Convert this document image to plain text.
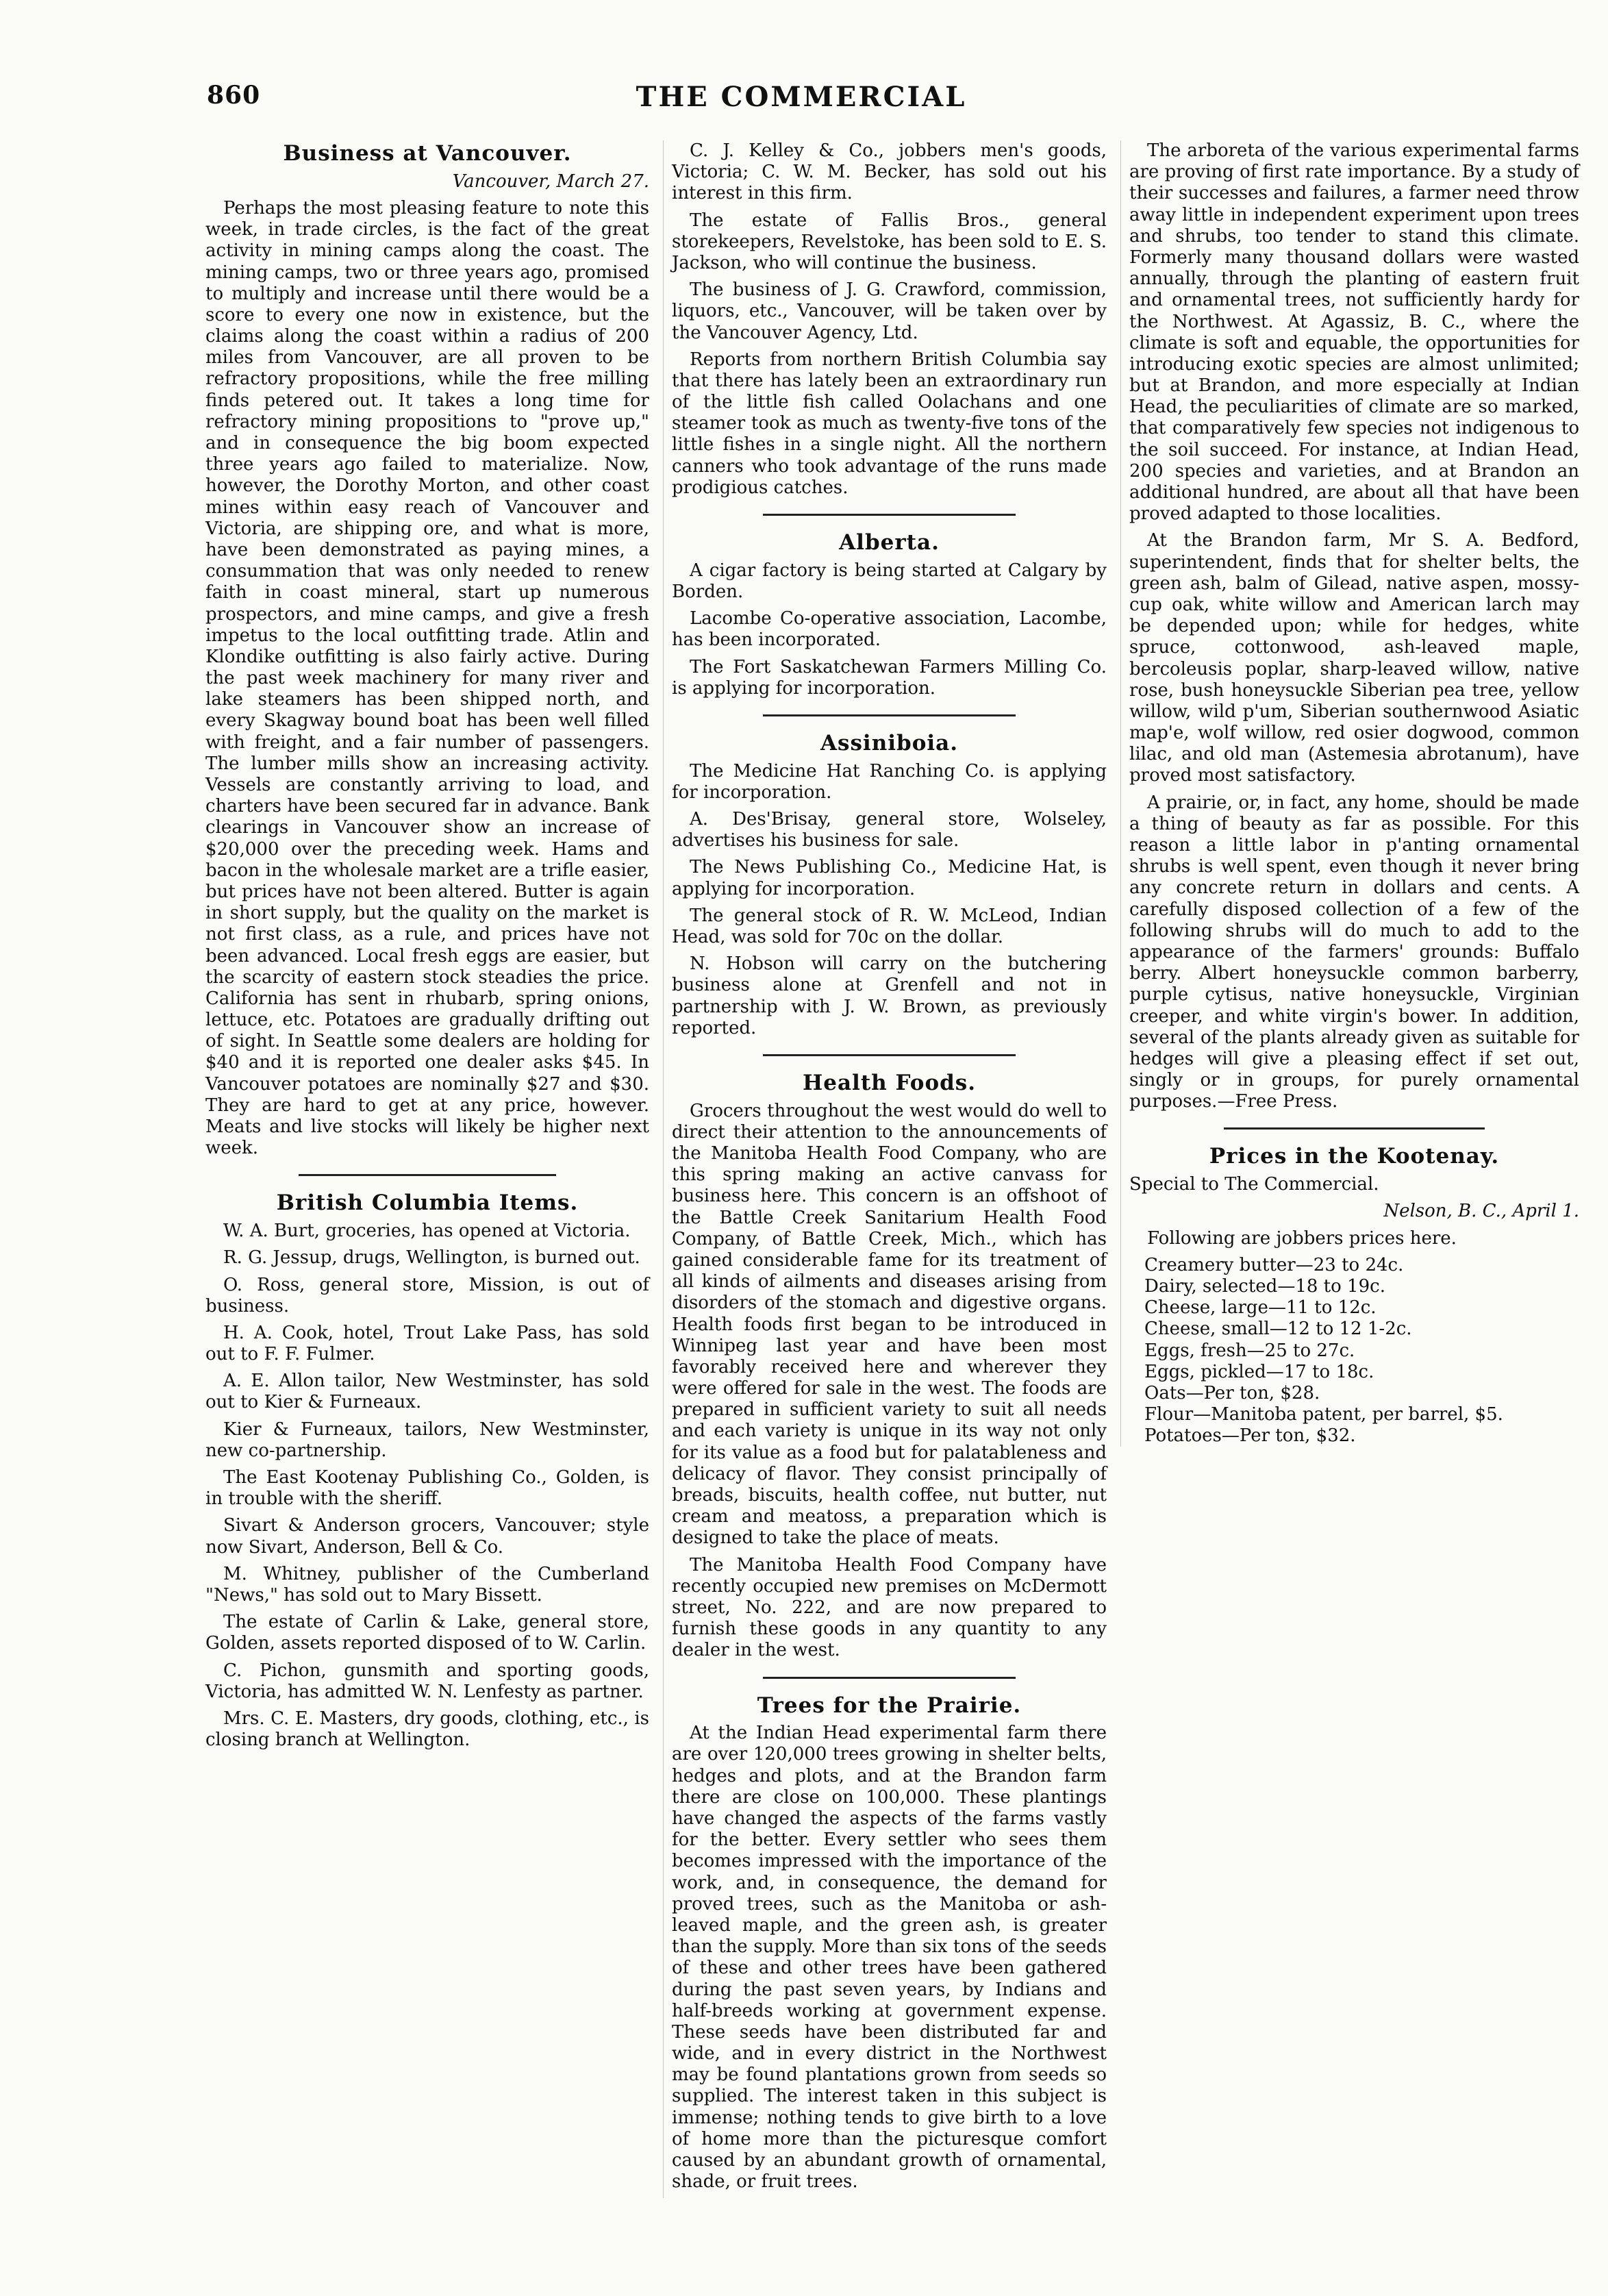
860	THE COMMERCIAL
Business at Vancouver.

Vancouver, March 27.

Perhaps the most pleasing feature to note this week, in trade circles, is the fact of the great activity in mining camps along the coast. The mining camps, two or three years ago, promised to multiply and increase until there would be a score to every one now in existence, but the claims along the coast within a radius of 200 miles from Vancouver, are all proven to be refractory propositions, while the free milling finds petered out. It takes a long time for refractory mining propositions to "prove up," and in consequence the big boom expected three years ago failed to materialize. Now, however, the Dorothy Morton, and other coast mines within easy reach of Vancouver and Victoria, are shipping ore, and what is more, have been demonstrated as paying mines, a consummation that was only needed to renew faith in coast mineral, start up numerous prospectors, and mine camps, and give a fresh impetus to the local outfitting trade. Atlin and Klondike outfitting is also fairly active. During the past week machinery for many river and lake steamers has been shipped north, and every Skagway bound boat has been well filled with freight, and a fair number of passengers. The lumber mills show an increasing activity. Vessels are constantly arriving to load, and charters have been secured far in advance. Bank clearings in Vancouver show an increase of $20,000 over the preceding week. Hams and bacon in the wholesale market are a trifle easier, but prices have not been altered. Butter is again in short supply, but the quality on the market is not first class, as a rule, and prices have not been advanced. Local fresh eggs are easier, but the scarcity of eastern stock steadies the price. California has sent in rhubarb, spring onions, lettuce, etc. Potatoes are gradually drifting out of sight. In Seattle some dealers are holding for $40 and it is reported one dealer asks $45. In Vancouver potatoes are nominally $27 and $30. They are hard to get at any price, however. Meats and live stocks will likely be higher next week.

British Columbia Items.

W. A. Burt, groceries, has opened at Victoria.

R. G. Jessup, drugs, Wellington, is burned out.

O. Ross, general store, Mission, is out of business.

H. A. Cook, hotel, Trout Lake Pass, has sold out to F. F. Fulmer.

A. E. Allon tailor, New Westminster, has sold out to Kier & Furneaux.

Kier & Furneaux, tailors, New Westminster, new co-partnership.

The East Kootenay Publishing Co., Golden, is in trouble with the sheriff.

Sivart & Anderson grocers, Vancouver; style now Sivart, Anderson, Bell & Co.

M. Whitney, publisher of the Cumberland "News," has sold out to Mary Bissett.

The estate of Carlin & Lake, general store, Golden, assets reported disposed of to W. Carlin.

C. Pichon, gunsmith and sporting goods, Victoria, has admitted W. N. Lenfesty as partner.

Mrs. C. E. Masters, dry goods, clothing, etc., is closing branch at Wellington.

C. J. Kelley & Co., jobbers men's goods, Victoria; C. W. M. Becker, has sold out his interest in this firm.

The estate of Fallis Bros., general storekeepers, Revelstoke, has been sold to E. S. Jackson, who will continue the business.

The business of J. G. Crawford, commission, liquors, etc., Vancouver, will be taken over by the Vancouver Agency, Ltd.

Reports from northern British Columbia say that there has lately been an extraordinary run of the little fish called Oolachans and one steamer took as much as twenty-five tons of the little fishes in a single night. All the northern canners who took advantage of the runs made prodigious catches.

Alberta.

A cigar factory is being started at Calgary by Borden.

Lacombe Co-operative association, Lacombe, has been incorporated.

The Fort Saskatchewan Farmers Milling Co. is applying for incorporation.

Assiniboia.

The Medicine Hat Ranching Co. is applying for incorporation.

A. Des'Brisay, general store, Wolseley, advertises his business for sale.

The News Publishing Co., Medicine Hat, is applying for incorporation.

The general stock of R. W. McLeod, Indian Head, was sold for 70c on the dollar.

N. Hobson will carry on the butchering business alone at Grenfell and not in partnership with J. W. Brown, as previously reported.

Health Foods.

Grocers throughout the west would do well to direct their attention to the announcements of the Manitoba Health Food Company, who are this spring making an active canvass for business here. This concern is an offshoot of the Battle Creek Sanitarium Health Food Company, of Battle Creek, Mich., which has gained considerable fame for its treatment of all kinds of ailments and diseases arising from disorders of the stomach and digestive organs. Health foods first began to be introduced in Winnipeg last year and have been most favorably received here and wherever they were offered for sale in the west. The foods are prepared in sufficient variety to suit all needs and each variety is unique in its way not only for its value as a food but for palatableness and delicacy of flavor. They consist principally of breads, biscuits, health coffee, nut butter, nut cream and meatoss, a preparation which is designed to take the place of meats.

The Manitoba Health Food Company have recently occupied new premises on McDermott street, No. 222, and are now prepared to furnish these goods in any quantity to any dealer in the west.

Trees for the Prairie.

At the Indian Head experimental farm there are over 120,000 trees growing in shelter belts, hedges and plots, and at the Brandon farm there are close on 100,000. These plantings have changed the aspects of the farms vastly for the better. Every settler who sees them becomes impressed with the importance of the work, and, in consequence, the demand for proved trees, such as the Manitoba or ash-leaved maple, and the green ash, is greater than the supply. More than six tons of the seeds of these and other trees have been gathered during the past seven years, by Indians and half-breeds working at government expense. These seeds have been distributed far and wide, and in every district in the Northwest may be found plantations grown from seeds so supplied. The interest taken in this subject is immense; nothing tends to give birth to a love of home more than the picturesque comfort caused by an abundant growth of ornamental, shade, or fruit trees.

The arboreta of the various experimental farms are proving of first rate importance. By a study of their successes and failures, a farmer need throw away little in independent experiment upon trees and shrubs, too tender to stand this climate. Formerly many thousand dollars were wasted annually, through the planting of eastern fruit and ornamental trees, not sufficiently hardy for the Northwest. At Agassiz, B. C., where the climate is soft and equable, the opportunities for introducing exotic species are almost unlimited; but at Brandon, and more especially at Indian Head, the peculiarities of climate are so marked, that comparatively few species not indigenous to the soil succeed. For instance, at Indian Head, 200 species and varieties, and at Brandon an additional hundred, are about all that have been proved adapted to those localities.

At the Brandon farm, Mr S. A. Bedford, superintendent, finds that for shelter belts, the green ash, balm of Gilead, native aspen, mossy-cup oak, white willow and American larch may be depended upon; while for hedges, white spruce, cottonwood, ash-leaved maple, bercoleusis poplar, sharp-leaved willow, native rose, bush honeysuckle Siberian pea tree, yellow willow, wild p'um, Siberian southernwood Asiatic map'e, wolf willow, red osier dogwood, common lilac, and old man (Astemesia abrotanum), have proved most satisfactory.

A prairie, or, in fact, any home, should be made a thing of beauty as far as possible. For this reason a little labor in p'anting ornamental shrubs is well spent, even though it never bring any concrete return in dollars and cents. A carefully disposed collection of a few of the following shrubs will do much to add to the appearance of the farmers' grounds: Buffalo berry. Albert honeysuckle common barberry, purple cytisus, native honeysuckle, Virginian creeper, and white virgin's bower. In addition, several of the plants already given as suitable for hedges will give a pleasing effect if set out, singly or in groups, for purely ornamental purposes.—Free Press.

Prices in the Kootenay.

Special to The Commercial.

Nelson, B. C., April 1.

Following are jobbers prices here.

Creamery butter—23 to 24c.
Dairy, selected—18 to 19c.
Cheese, large—11 to 12c.
Cheese, small—12 to 12 1-2c.
Eggs, fresh—25 to 27c.
Eggs, pickled—17 to 18c.
Oats—Per ton, $28.
Flour—Manitoba patent, per barrel, $5.
Potatoes—Per ton, $32.
